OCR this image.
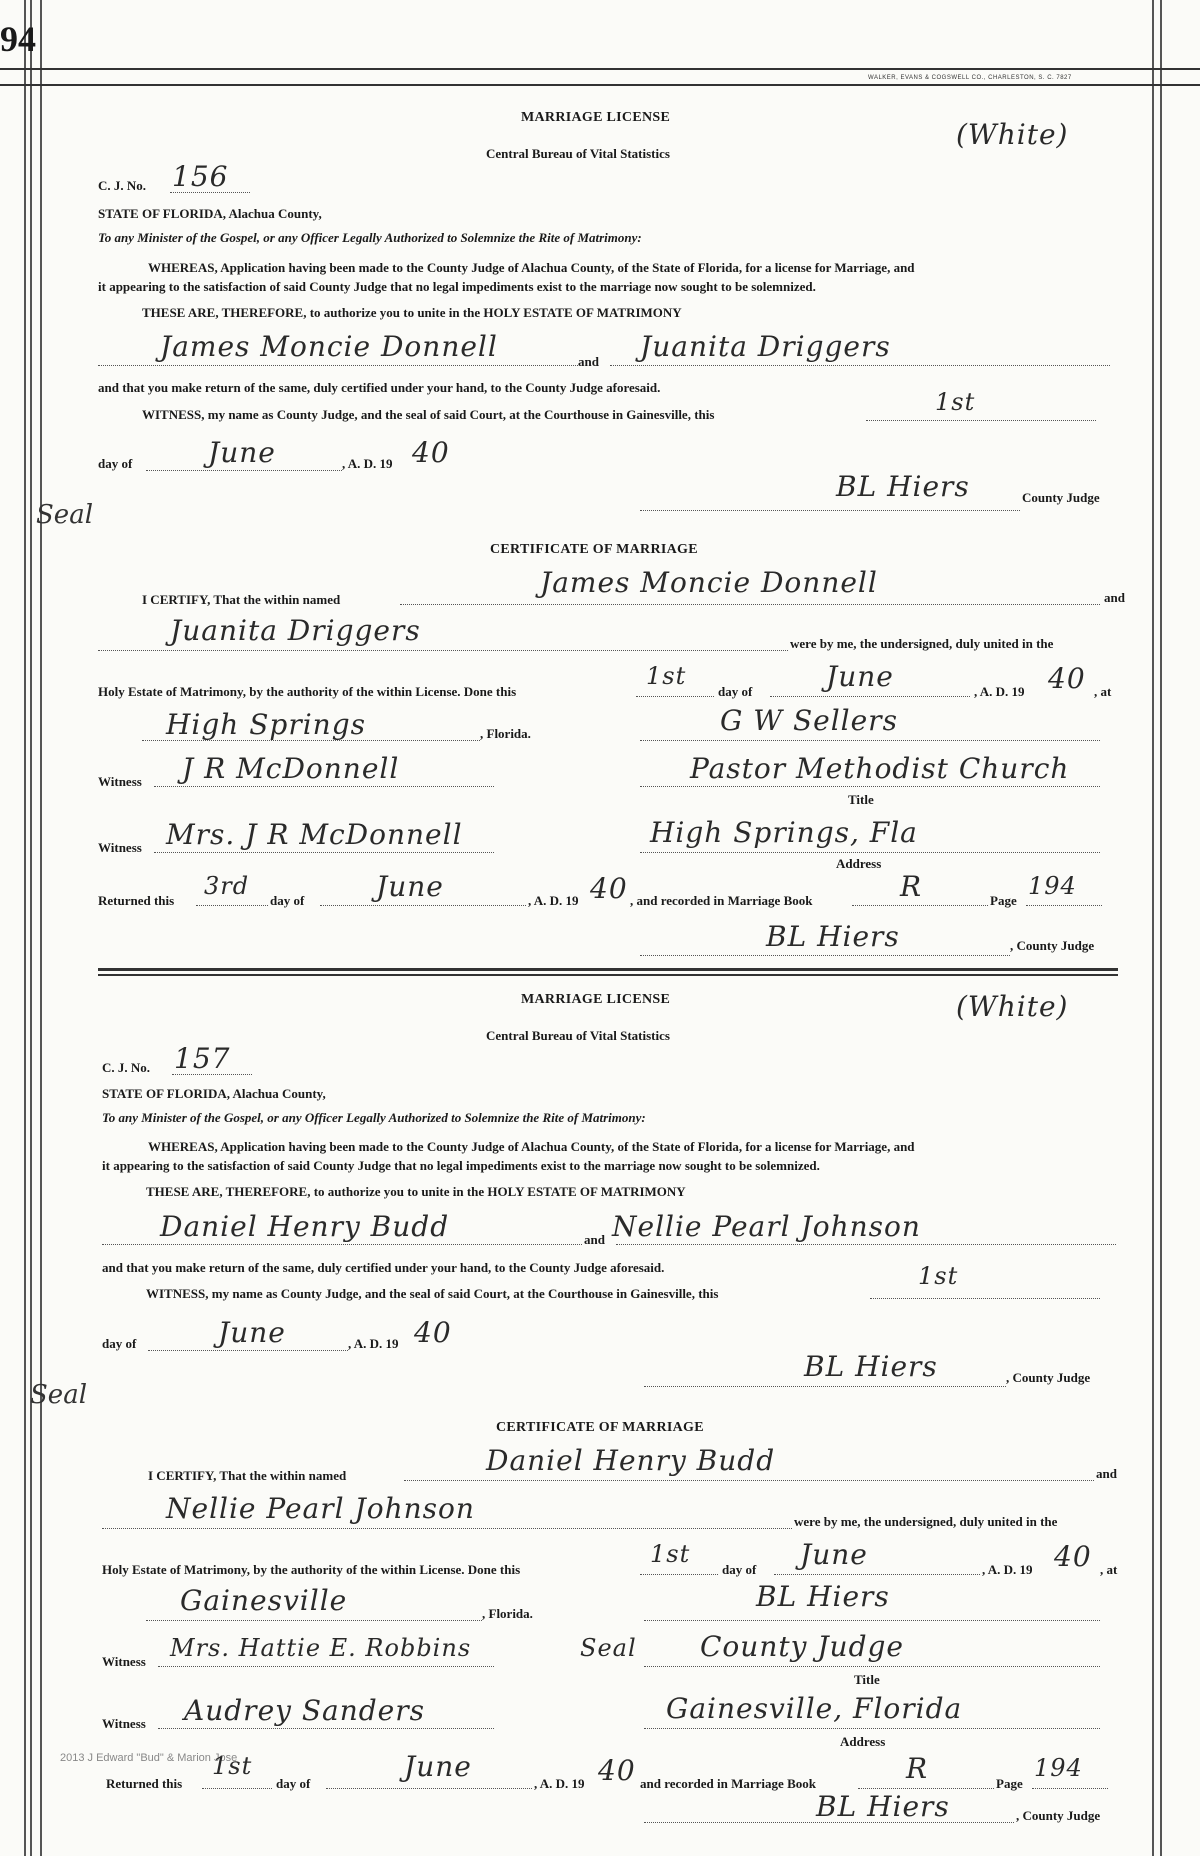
94
WALKER, EVANS & COGSWELL CO., CHARLESTON, S. C. 7827
MARRIAGE LICENSE
Central Bureau of Vital Statistics
(White)
C. J. No. 156
STATE OF FLORIDA, Alachua County,
To any Minister of the Gospel, or any Officer Legally Authorized to Solemnize the Rite of Matrimony:
WHEREAS, Application having been made to the County Judge of Alachua County, of the State of Florida, for a license for Marriage, and
it appearing to the satisfaction of said County Judge that no legal impediments exist to the marriage now sought to be solemnized.
THESE ARE, THEREFORE, to authorize you to unite in the HOLY ESTATE OF MATRIMONY
James Moncie Donnell	and Juanita Driggers
and that you make return of the same, duly certified under your hand, to the County Judge aforesaid.
WITNESS, my name as County Judge, and the seal of said Court, at the Courthouse in Gainesville, this	1st
day of	June	, A. D. 19 40
Seal
BL Hiers	County Judge
CERTIFICATE OF MARRIAGE
I CERTIFY, That the within named
James Moncie Donnell	and
Juanita Driggers	were by me, the undersigned, duly united in the
Holy Estate of Matrimony, by the authority of the within License. Done this
1st
day of	June	, A. D. 19 40 , at
High Springs	, Florida.	G W Sellers
Witness J R McDonnell	Pastor Methodist Church
Title
Witness Mrs. J R McDonnell	High Springs, Fla
Address
Returned this
3rd
day of	June	, A. D. 19 40 , and recorded in Marriage Book	R	Page
194
BL Hiers	, County Judge
MARRIAGE LICENSE
Central Bureau of Vital Statistics
(White)
C. J. No. 157
STATE OF FLORIDA, Alachua County,
To any Minister of the Gospel, or any Officer Legally Authorized to Solemnize the Rite of Matrimony:
WHEREAS, Application having been made to the County Judge of Alachua County, of the State of Florida, for a license for Marriage, and
it appearing to the satisfaction of said County Judge that no legal impediments exist to the marriage now sought to be solemnized.
THESE ARE, THEREFORE, to authorize you to unite in the HOLY ESTATE OF MATRIMONY
Daniel Henry Budd	and Nellie Pearl Johnson
and that you make return of the same, duly certified under your hand, to the County Judge aforesaid.
WITNESS, my name as County Judge, and the seal of said Court, at the Courthouse in Gainesville, this
1st
day of	June	, A. D. 19 40
Seal
BL Hiers	, County Judge
CERTIFICATE OF MARRIAGE
I CERTIFY, That the within named	Daniel Henry Budd	and
Nellie Pearl Johnson	were by me, the undersigned, duly united in the
Holy Estate of Matrimony, by the authority of the within License. Done this
1st
day of June	, A. D. 19 40 , at
Gainesville	, Florida.
BL Hiers
Witness Mrs. Hattie E. Robbins	Seal County Judge
Title
Witness Audrey Sanders	Gainesville, Florida
Address
2013 J Edward "Bud" & Marion Jose
Returned this
1st
day of
June
, A. D. 19 40 and recorded in Marriage Book	R	Page
194
BL Hiers	, County Judge
